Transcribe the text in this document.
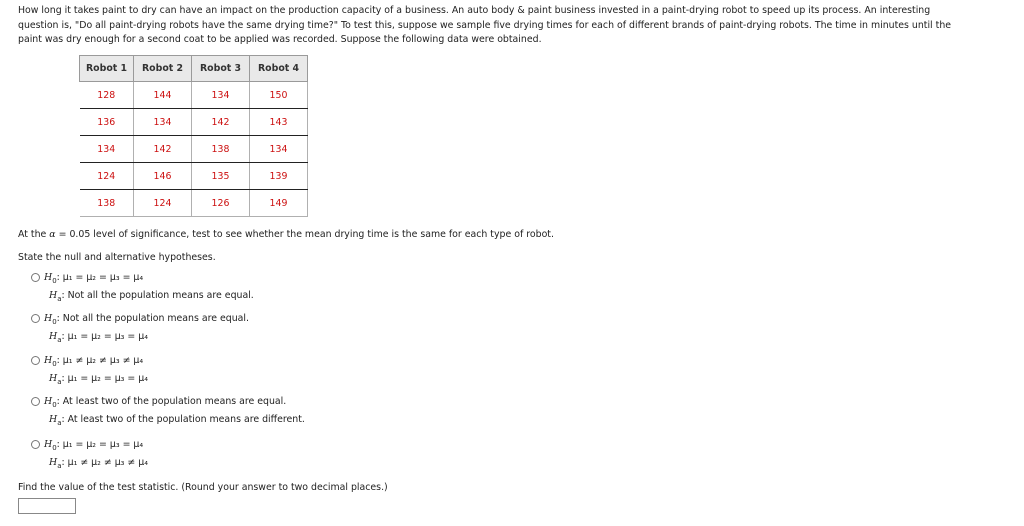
How long it takes paint to dry can have an impact on the production capacity of a business. An auto body & paint business invested in a paint-drying robot to speed up its process. An interesting
question is, "Do all paint-drying robots have the same drying time?" To test this, suppose we sample five drying times for each of different brands of paint-drying robots. The time in minutes until the
paint was dry enough for a second coat to be applied was recorded. Suppose the following data were obtained.
Robot 1	Robot 2	Robot 3	Robot 4
128	144	134	150
136	134	142	143
134	142	138	134
124	146	135	139
138	124	126	149
At the α = 0.05 level of significance, test to see whether the mean drying time is the same for each type of robot.
State the null and alternative hypotheses.
$H_0$: μ₁ = μ₂ = μ₃ = μ₄
$H_a$: Not all the population means are equal.
$H_0$: Not all the population means are equal.
$H_a$: μ₁ = μ₂ = μ₃ = μ₄
$H_0$: μ₁ ≠ μ₂ ≠ μ₃ ≠ μ₄
$H_a$: μ₁ = μ₂ = μ₃ = μ₄
$H_0$: At least two of the population means are equal.
$H_a$: At least two of the population means are different.
$H_0$: μ₁ = μ₂ = μ₃ = μ₄
$H_a$: μ₁ ≠ μ₂ ≠ μ₃ ≠ μ₄
Find the value of the test statistic. (Round your answer to two decimal places.)
